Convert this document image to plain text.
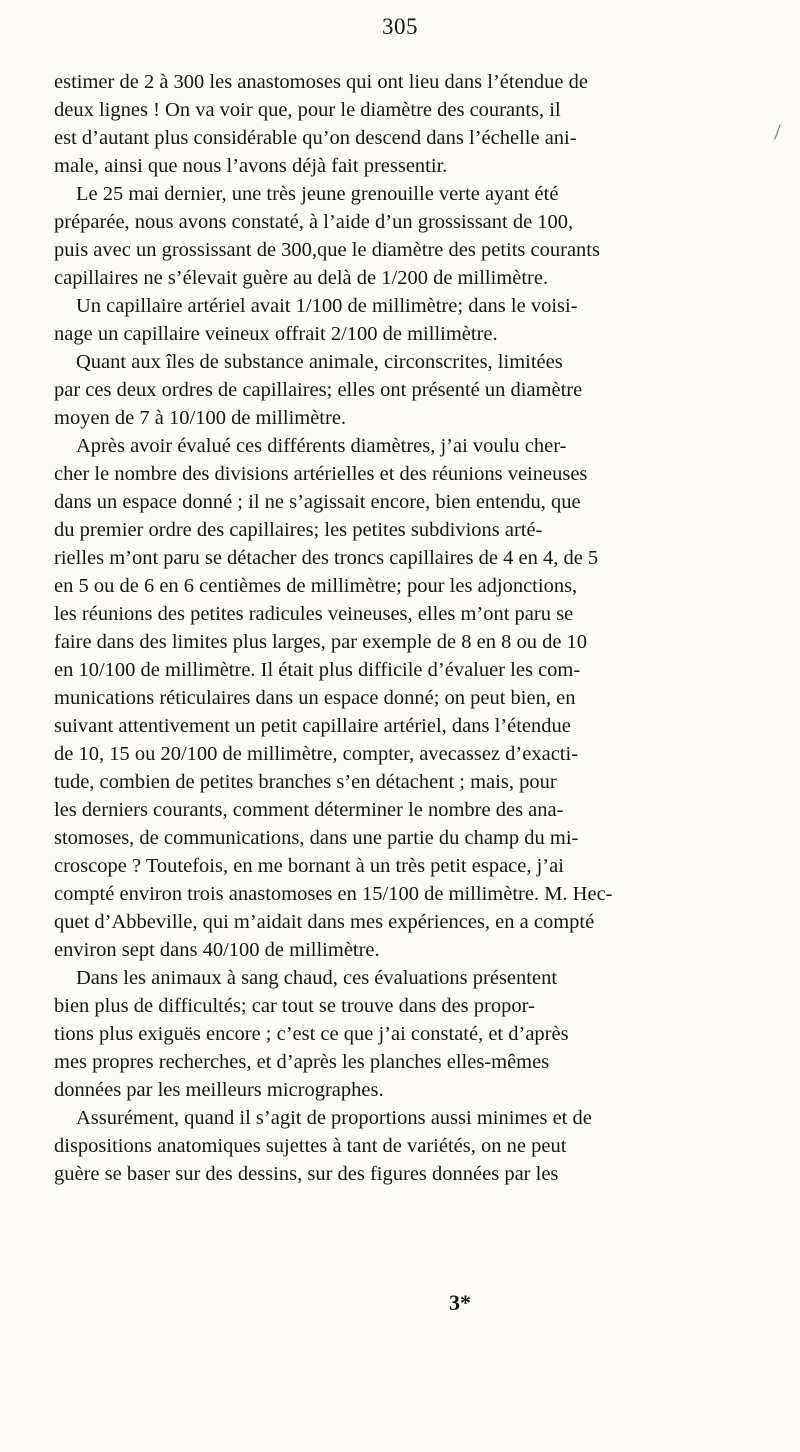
305
estimer de 2 à 300 les anastomoses qui ont lieu dans l’étendue de
deux lignes ! On va voir que, pour le diamètre des courants, il
est d’autant plus considérable qu’on descend dans l’échelle ani-
male, ainsi que nous l’avons déjà fait pressentir.
Le 25 mai dernier, une très jeune grenouille verte ayant été
préparée, nous avons constaté, à l’aide d’un grossissant de 100,
puis avec un grossissant de 300,que le diamètre des petits courants
capillaires ne s’élevait guère au delà de 1/200 de millimètre.
Un capillaire artériel avait 1/100 de millimètre; dans le voisi-
nage un capillaire veineux offrait 2/100 de millimètre.
Quant aux îles de substance animale, circonscrites, limitées
par ces deux ordres de capillaires; elles ont présenté un diamètre
moyen de 7 à 10/100 de millimètre.
Après avoir évalué ces différents diamètres, j’ai voulu cher-
cher le nombre des divisions artérielles et des réunions veineuses
dans un espace donné ; il ne s’agissait encore, bien entendu, que
du premier ordre des capillaires; les petites subdivions arté-
rielles m’ont paru se détacher des troncs capillaires de 4 en 4, de 5
en 5 ou de 6 en 6 centièmes de millimètre; pour les adjonctions,
les réunions des petites radicules veineuses, elles m’ont paru se
faire dans des limites plus larges, par exemple de 8 en 8 ou de 10
en 10/100 de millimètre. Il était plus difficile d’évaluer les com-
munications réticulaires dans un espace donné; on peut bien, en
suivant attentivement un petit capillaire artériel, dans l’étendue
de 10, 15 ou 20/100 de millimètre, compter, avecassez d’exacti-
tude, combien de petites branches s’en détachent ; mais, pour
les derniers courants, comment déterminer le nombre des ana-
stomoses, de communications, dans une partie du champ du mi-
croscope ? Toutefois, en me bornant à un très petit espace, j’ai
compté environ trois anastomoses en 15/100 de millimètre. M. Hec-
quet d’Abbeville, qui m’aidait dans mes expériences, en a compté
environ sept dans 40/100 de millimètre.
Dans les animaux à sang chaud, ces évaluations présentent
bien plus de difficultés; car tout se trouve dans des propor-
tions plus exiguës encore ; c’est ce que j’ai constaté, et d’après
mes propres recherches, et d’après les planches elles-mêmes
données par les meilleurs micrographes.
Assurément, quand il s’agit de proportions aussi minimes et de
dispositions anatomiques sujettes à tant de variétés, on ne peut
guère se baser sur des dessins, sur des figures données par les
3*
